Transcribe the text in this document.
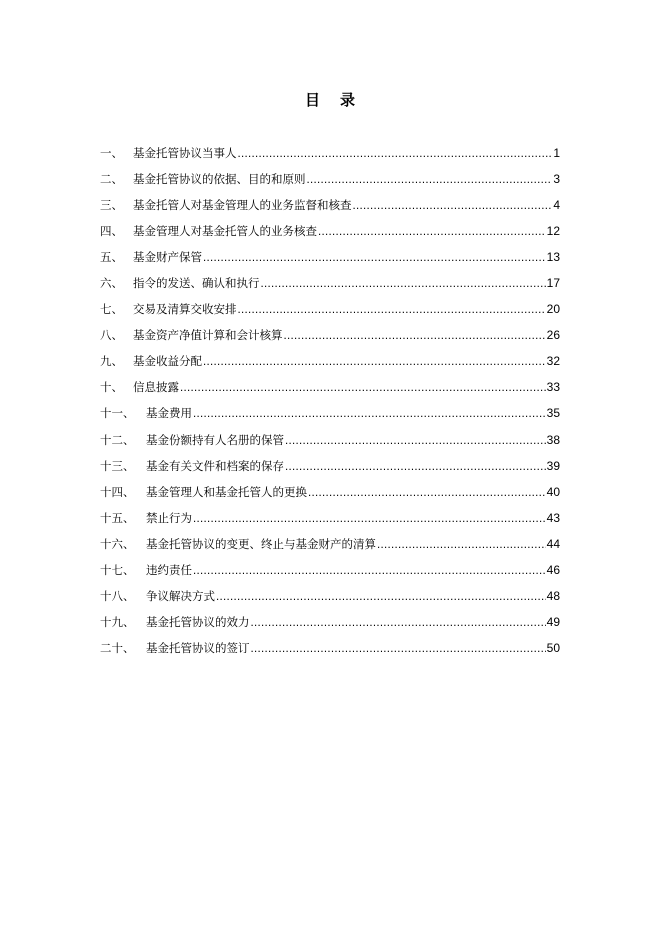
目 录
一、 基金托管协议当事人 .....	1
二、 基金托管协议的依据、目的和原则 .....	3
三、 基金托管人对基金管理人的业务监督和核查 .....	4
四、 基金管理人对基金托管人的业务核查 .....	12
五、 基金财产保管 .....	13
六、 指令的发送、确认和执行 .....	17
七、 交易及清算交收安排 .....	20
八、 基金资产净值计算和会计核算 .....	26
九、 基金收益分配 .....	32
十、 信息披露 .....	33
十一、	基金费用 .....	35
十二、	基金份额持有人名册的保管 .....	38
十三、	基金有关文件和档案的保存 .....	39
十四、	基金管理人和基金托管人的更换 .....	40
十五、	禁止行为 .....	43
十六、	基金托管协议的变更、终止与基金财产的清算 .....	44
十七、	违约责任 .....	46
十八、	争议解决方式 .....	48
十九、	基金托管协议的效力 .....	49
二十、	基金托管协议的签订 .....	50
